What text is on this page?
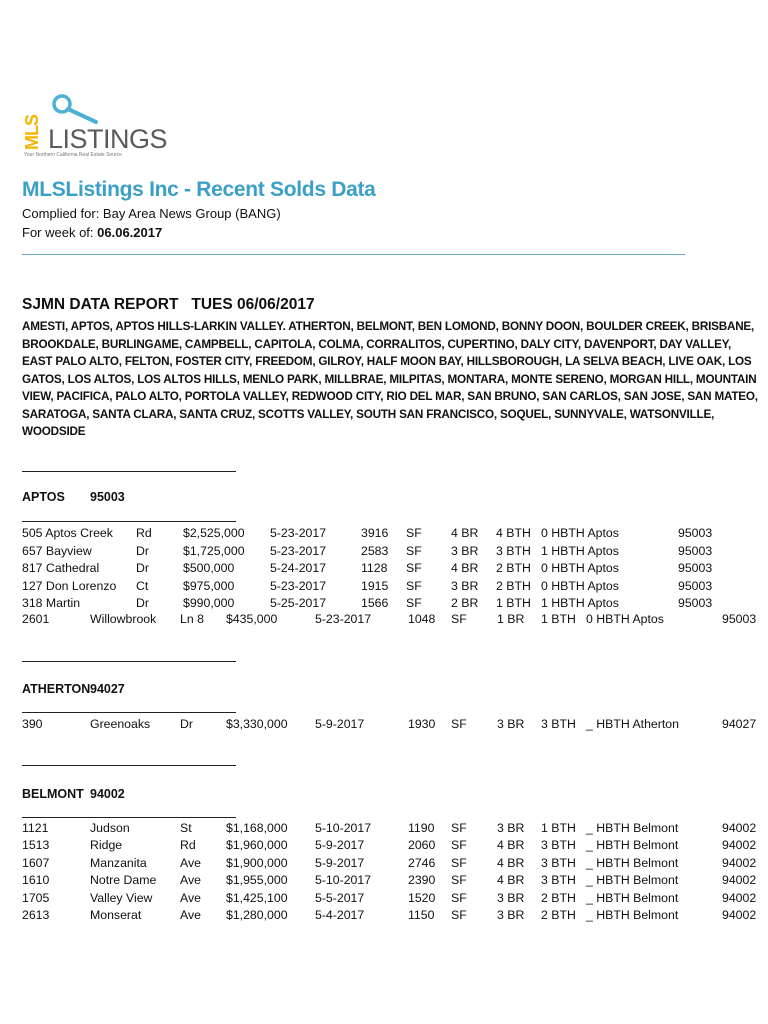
MLS LISTINGS
Your Northern California Real Estate Source
MLSListings Inc - Recent Solds Data
Complied for: Bay Area News Group (BANG)
For week of: 06.06.2017
SJMN DATA REPORT   TUES 06/06/2017
AMESTI, APTOS, APTOS HILLS-LARKIN VALLEY. ATHERTON, BELMONT, BEN LOMOND, BONNY DOON, BOULDER CREEK, BRISBANE, BROOKDALE, BURLINGAME, CAMPBELL, CAPITOLA, COLMA, CORRALITOS, CUPERTINO, DALY CITY, DAVENPORT, DAY VALLEY, EAST PALO ALTO, FELTON, FOSTER CITY, FREEDOM, GILROY, HALF MOON BAY, HILLSBOROUGH, LA SELVA BEACH, LIVE OAK, LOS GATOS, LOS ALTOS, LOS ALTOS HILLS, MENLO PARK, MILLBRAE, MILPITAS, MONTARA, MONTE SERENO, MORGAN HILL, MOUNTAIN VIEW, PACIFICA, PALO ALTO, PORTOLA VALLEY, REDWOOD CITY, RIO DEL MAR, SAN BRUNO, SAN CARLOS, SAN JOSE, SAN MATEO, SARATOGA, SANTA CLARA, SANTA CRUZ, SCOTTS VALLEY, SOUTH SAN FRANCISCO, SOQUEL, SUNNYVALE, WATSONVILLE, WOODSIDE
APTOS 95003
505 Aptos Creek Rd	$2,525,000 5-23-2017	3916 SF 4 BR 4 BTH 0 HBTH Aptos	95003
657 Bayview	Dr	$1,725,000 5-23-2017	2583 SF 3 BR 3 BTH 1 HBTH Aptos	95003
817 Cathedral	Dr	$500,000	5-24-2017	1128 SF 4 BR 2 BTH 0 HBTH Aptos	95003
127 Don Lorenzo Ct	$975,000	5-23-2017	1915 SF 3 BR 2 BTH 0 HBTH Aptos	95003
318 Martin	Dr	$990,000	5-25-2017	1566 SF 2 BR 1 BTH 1 HBTH Aptos	95003
2601	Willowbrook Ln 8 $435,000	5-23-2017	1048 SF 1 BR 1 BTH 0 HBTH Aptos	95003
ATHERTON 94027
390	Greenoaks Dr	$3,330,000 5-9-2017	1930 SF 3 BR 3 BTH _ HBTH Atherton	94027
BELMONT 94002
1121	Judson	St	$1,168,000 5-10-2017	1190 SF 3 BR 1 BTH _ HBTH Belmont	94002
1513	Ridge	Rd $1,960,000 5-9-2017	2060 SF 4 BR 3 BTH _ HBTH Belmont	94002
1607	Manzanita	Ave $1,900,000 5-9-2017	2746 SF 4 BR 3 BTH _ HBTH Belmont	94002
1610	Notre Dame Ave $1,955,000 5-10-2017	2390 SF 4 BR 3 BTH _ HBTH Belmont	94002
1705	Valley View Ave $1,425,100 5-5-2017	1520 SF 3 BR 2 BTH _ HBTH Belmont	94002
2613	Monserat	Ave $1,280,000 5-4-2017	1150 SF 3 BR 2 BTH _ HBTH Belmont	94002
